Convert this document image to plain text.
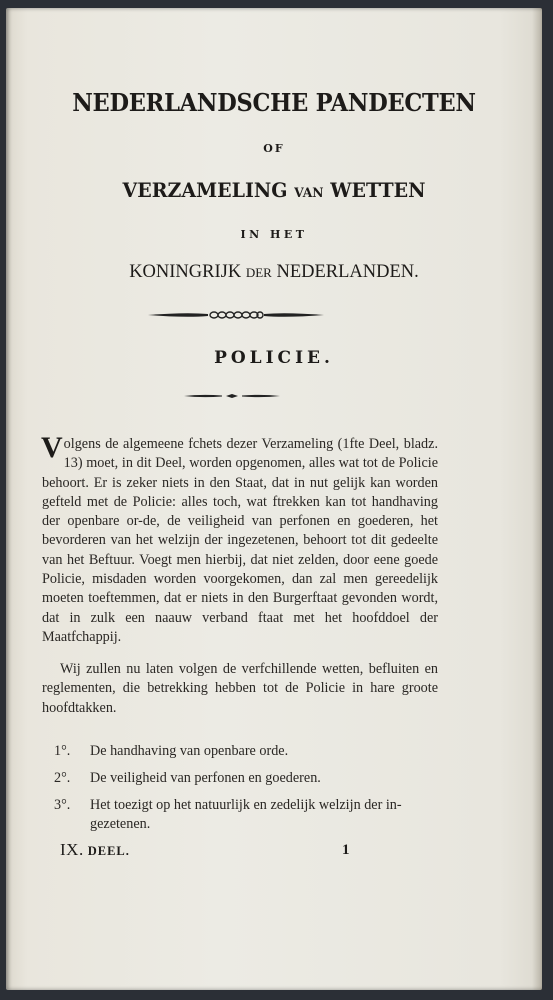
NEDERLANDSCHE PANDECTEN
OF
VERZAMELING VAN WETTEN
IN HET
KONINGRIJK DER NEDERLANDEN.
POLICIE.
V olgens de algemeene fchets dezer Verzameling (1fte Deel, bladz. 13) moet, in dit Deel, worden opgenomen, alles wat tot de Policie behoort. Er is zeker niets in den Staat, dat in nut gelijk kan worden gefteld met de Policie: alles toch, wat ftrekken kan tot handhaving der openbare or-de, de veiligheid van perfonen en goederen, het bevorderen van het welzijn der ingezetenen, behoort tot dit gedeelte van het Beftuur. Voegt men hierbij, dat niet zelden, door eene goede Policie, misdaden worden voorgekomen, dan zal men gereedelijk moeten toeftemmen, dat er niets in den Burgerftaat gevonden wordt, dat in zulk een naauw verband ftaat met het hoofddoel der Maatfchappij.
Wij zullen nu laten volgen de verfchillende wetten, befluiten en reglementen, die betrekking hebben tot de Policie in hare groote hoofdtakken.
1°. De handhaving van openbare orde.
2°. De veiligheid van perfonen en goederen.
3°. Het toezigt op het natuurlijk en zedelijk welzijn der in-
gezetenen.
IX. DEEL.	1
